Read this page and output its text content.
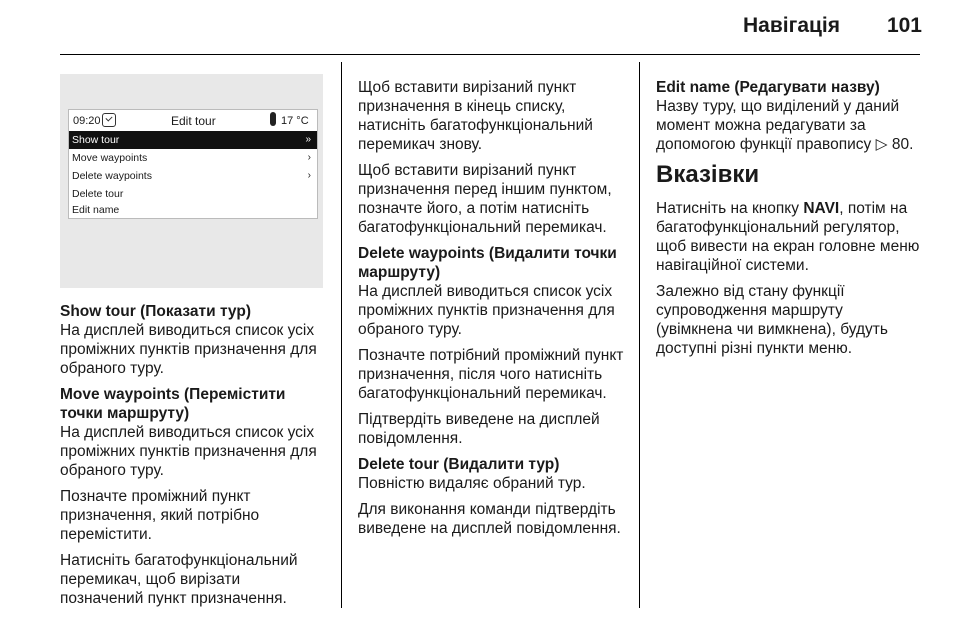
Навігація	101
09:20	Edit tour	17 °C
Show tour	»
Move waypoints	›
Delete waypoints	›
Delete tour
Edit name

Show tour (Показати тур)

На дисплей виводиться список усіх проміжних пунктів призначення для обраного туру.

Move waypoints (Перемістити точки маршруту)

На дисплей виводиться список усіх проміжних пунктів призначення для обраного туру.

Позначте проміжний пункт призначення, який потрібно перемістити.

Натисніть багатофункціональний перемикач, щоб вирізати позначений пункт призначення.

Щоб вставити вирізаний пункт призначення в кінець списку, натисніть багатофункціональний перемикач знову.

Щоб вставити вирізаний пункт призначення перед іншим пунктом, позначте його, а потім натисніть багатофункціональний перемикач.

Delete waypoints (Видалити точки маршруту)

На дисплей виводиться список усіх проміжних пунктів призначення для обраного туру.

Позначте потрібний проміжний пункт призначення, після чого натисніть багатофункціональний перемикач.

Підтвердіть виведене на дисплей повідомлення.

Delete tour (Видалити тур)

Повністю видаляє обраний тур.

Для виконання команди підтвердіть виведене на дисплей повідомлення.

Edit name (Редагувати назву)

Назву туру, що виділений у даний момент можна редагувати за допомогою функції правопису ▷ 80.

Вказівки

Натисніть на кнопку NAVI, потім на багатофункціональний регулятор, щоб вивести на екран головне меню навігаційної системи.

Залежно від стану функції супроводження маршруту (увімкнена чи вимкнена), будуть доступні різні пункти меню.
